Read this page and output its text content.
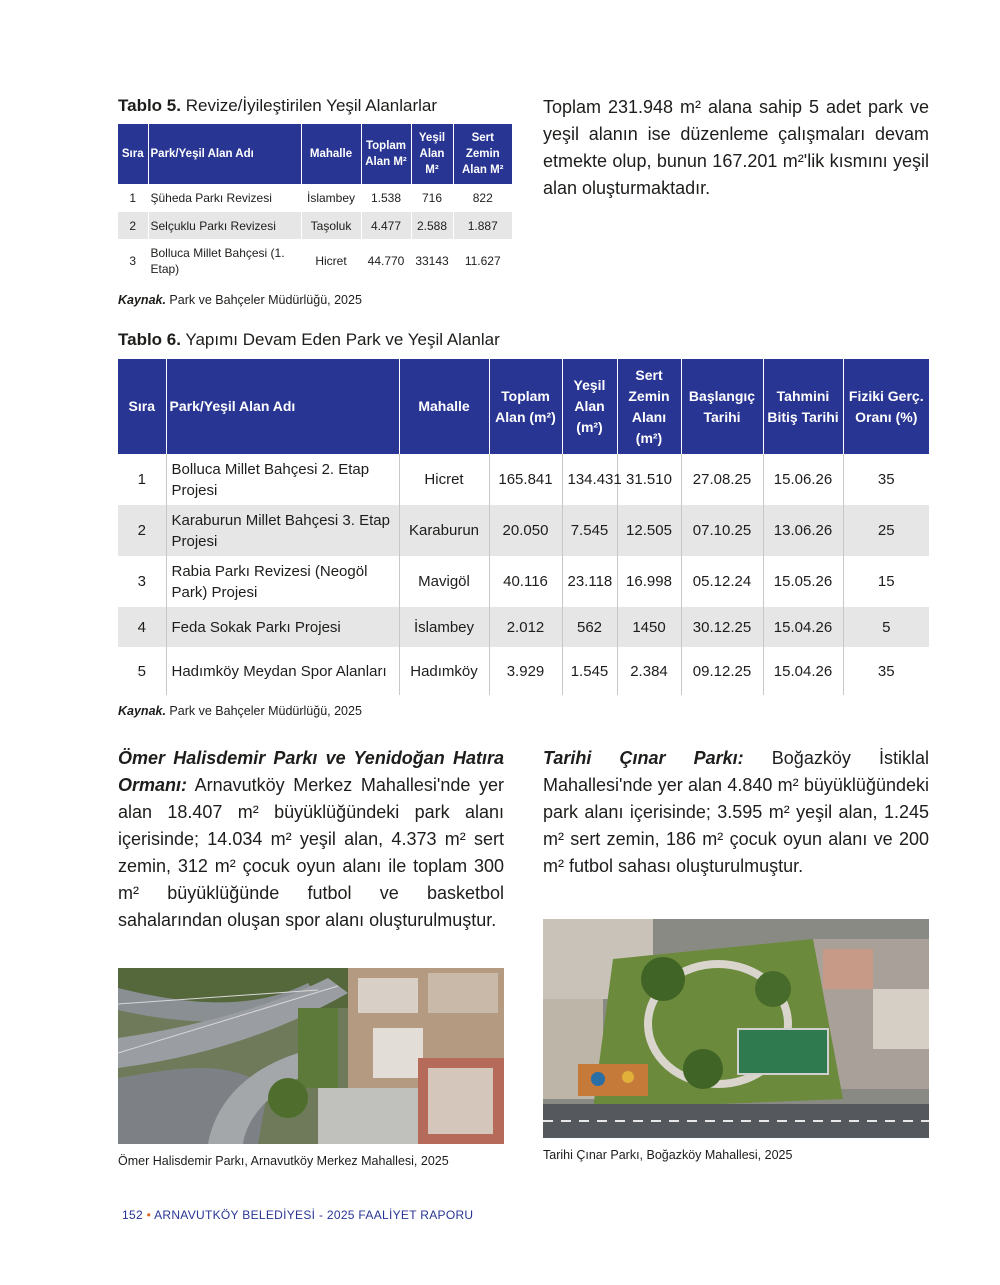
Tablo 5. Revize/İyileştirilen Yeşil Alanlarlar
Sıra	Park/Yeşil Alan Adı	Mahalle	Toplam Alan M²	Yeşil Alan M²	Sert Zemin Alan M²
1	Şüheda Parkı Revizesi	İslambey	1.538	716	822
2	Selçuklu Parkı Revizesi	Taşoluk	4.477	2.588	1.887
3	Bolluca Millet Bahçesi (1. Etap)	Hicret	44.770	33143	11.627
Kaynak. Park ve Bahçeler Müdürlüğü, 2025
Toplam 231.948 m² alana sahip 5 adet park ve yeşil alanın ise düzenleme çalışmaları devam etmekte olup, bunun 167.201 m²'lik kısmını yeşil alan oluşturmaktadır.
Tablo 6. Yapımı Devam Eden Park ve Yeşil Alanlar
Sıra	Park/Yeşil Alan Adı	Mahalle	Toplam Alan (m²)	Yeşil Alan (m²)	Sert Zemin Alanı (m²)	Başlangıç Tarihi	Tahmini Bitiş Tarihi	Fiziki Gerç. Oranı (%)
1	Bolluca Millet Bahçesi 2. Etap Projesi	Hicret	165.841	134.431	31.510	27.08.25	15.06.26	35
2	Karaburun Millet Bahçesi 3. Etap Projesi	Karaburun	20.050	7.545	12.505	07.10.25	13.06.26	25
3	Rabia Parkı Revizesi (Neogöl Park) Projesi	Mavigöl	40.116	23.118	16.998	05.12.24	15.05.26	15
4	Feda Sokak Parkı Projesi	İslambey	2.012	562	1450	30.12.25	15.04.26	5
5	Hadımköy Meydan Spor Alanları	Hadımköy	3.929	1.545	2.384	09.12.25	15.04.26	35
Kaynak. Park ve Bahçeler Müdürlüğü, 2025
Ömer Halisdemir Parkı ve Yenidoğan Hatıra Ormanı: Arnavutköy Merkez Mahallesi'nde yer alan 18.407 m² büyüklüğündeki park alanı içerisinde; 14.034 m² yeşil alan, 4.373 m² sert zemin, 312 m² çocuk oyun alanı ile toplam 300 m² büyüklüğünde futbol ve basketbol sahalarından oluşan spor alanı oluşturulmuştur.
Tarihi Çınar Parkı: Boğazköy İstiklal Mahallesi'nde yer alan 4.840 m² büyüklüğündeki park alanı içerisinde; 3.595 m² yeşil alan, 1.245 m² sert zemin, 186 m² çocuk oyun alanı ve 200 m² futbol sahası oluşturulmuştur.
Ömer Halisdemir Parkı, Arnavutköy Merkez Mahallesi, 2025	Tarihi Çınar Parkı, Boğazköy Mahallesi, 2025
152 • ARNAVUTKÖY BELEDİYESİ - 2025 FAALİYET RAPORU
